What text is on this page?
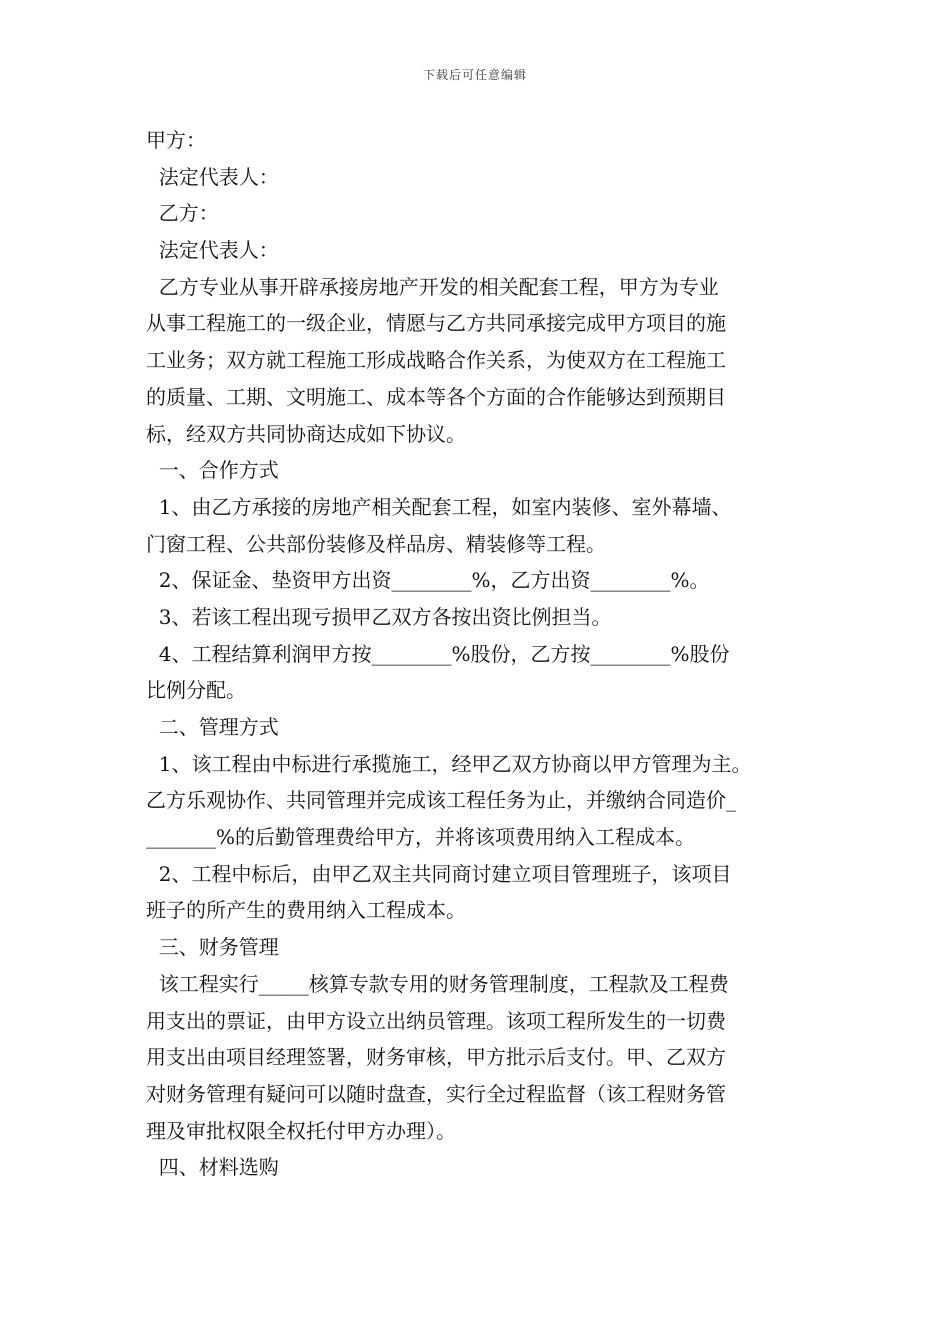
下载后可任意编辑
甲方：
法定代表人：
乙方：
法定代表人：
乙方专业从事开辟承接房地产开发的相关配套工程，甲方为专业
从事工程施工的一级企业，情愿与乙方共同承接完成甲方项目的施
工业务；双方就工程施工形成战略合作关系，为使双方在工程施工
的质量、工期、文明施工、成本等各个方面的合作能够达到预期目
标，经双方共同协商达成如下协议。
一、合作方式
1、由乙方承接的房地产相关配套工程，如室内装修、室外幕墙、
门窗工程、公共部份装修及样品房、精装修等工程。
2、保证金、垫资甲方出资________%，乙方出资________%。
3、若该工程出现亏损甲乙双方各按出资比例担当。
4、工程结算利润甲方按________%股份，乙方按________%股份
比例分配。
二、管理方式
1、该工程由中标进行承揽施工，经甲乙双方协商以甲方管理为主。
乙方乐观协作、共同管理并完成该工程任务为止，并缴纳合同造价_
_______%的后勤管理费给甲方，并将该项费用纳入工程成本。
2、工程中标后，由甲乙双主共同商讨建立项目管理班子，该项目
班子的所产生的费用纳入工程成本。
三、财务管理
该工程实行_____核算专款专用的财务管理制度，工程款及工程费
用支出的票证，由甲方设立出纳员管理。该项工程所发生的一切费
用支出由项目经理签署，财务审核，甲方批示后支付。甲、乙双方
对财务管理有疑问可以随时盘查，实行全过程监督（该工程财务管
理及审批权限全权托付甲方办理）。
四、材料选购
